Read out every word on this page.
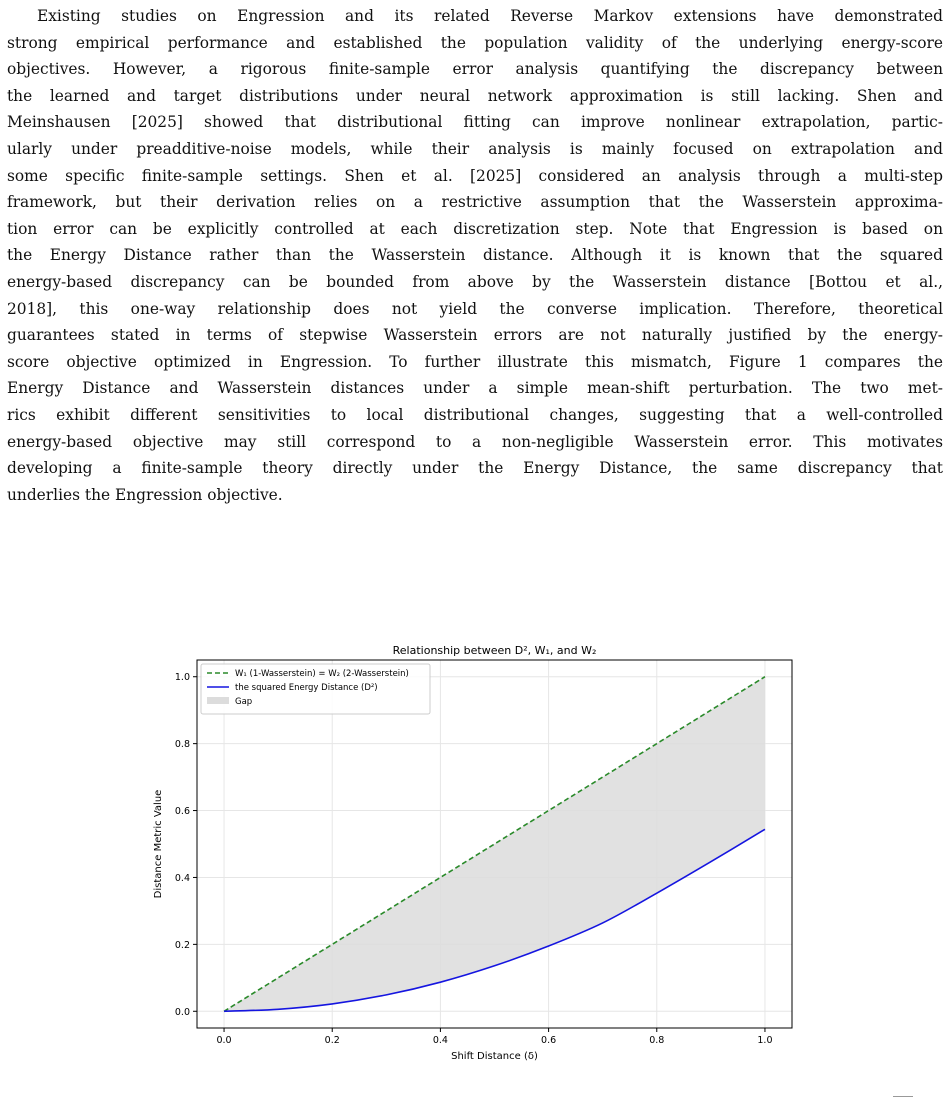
Existing studies on Engression and its related Reverse Markov extensions have demonstrated
strong empirical performance and established the population validity of the underlying energy-score
objectives. However, a rigorous finite-sample error analysis quantifying the discrepancy between
the learned and target distributions under neural network approximation is still lacking. Shen and
Meinshausen [2025] showed that distributional fitting can improve nonlinear extrapolation, partic-
ularly under preadditive-noise models, while their analysis is mainly focused on extrapolation and
some specific finite-sample settings. Shen et al. [2025] considered an analysis through a multi-step
framework, but their derivation relies on a restrictive assumption that the Wasserstein approxima-
tion error can be explicitly controlled at each discretization step. Note that Engression is based on
the Energy Distance rather than the Wasserstein distance. Although it is known that the squared
energy-based discrepancy can be bounded from above by the Wasserstein distance [Bottou et al.,
2018], this one-way relationship does not yield the converse implication. Therefore, theoretical
guarantees stated in terms of stepwise Wasserstein errors are not naturally justified by the energy-
score objective optimized in Engression. To further illustrate this mismatch, Figure 1 compares the
Energy Distance and Wasserstein distances under a simple mean-shift perturbation. The two met-
rics exhibit different sensitivities to local distributional changes, suggesting that a well-controlled
energy-based objective may still correspond to a non-negligible Wasserstein error. This motivates
developing a finite-sample theory directly under the Energy Distance, the same discrepancy that
underlies the Engression objective.
0.0	0.2	0.4	0.6	0.8	1.0
0.0
0.2
0.4
0.6
0.8
1.0
Relationship between D², W₁, and W₂
Shift Distance (δ)
Distance Metric Value
W₁ (1-Wasserstein) = W₂ (2-Wasserstein)
the squared Energy Distance (D²)
Gap
